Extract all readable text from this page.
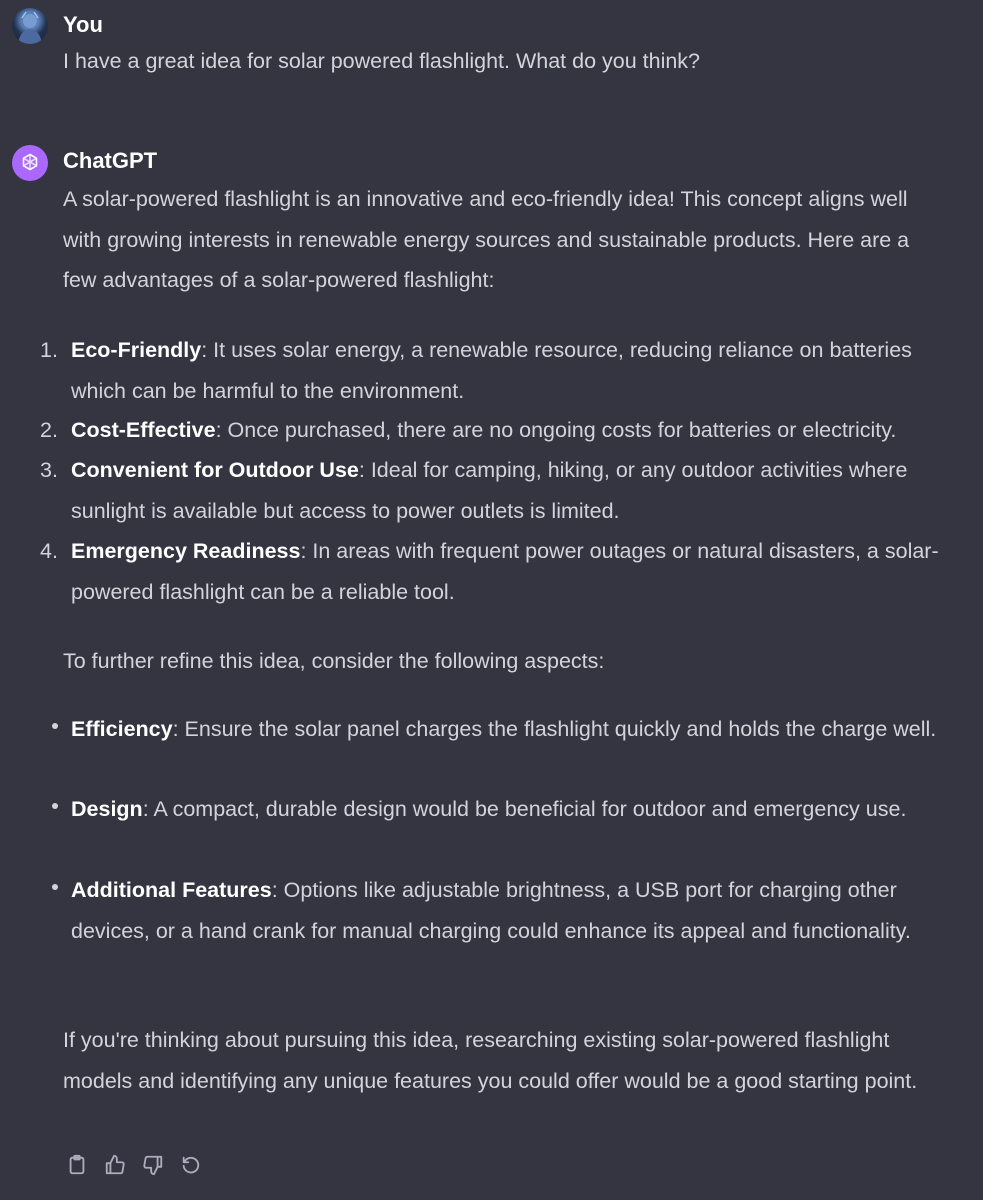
You
I have a great idea for solar powered flashlight. What do you think?
ChatGPT
A solar-powered flashlight is an innovative and eco-friendly idea! This concept aligns well with growing interests in renewable energy sources and sustainable products. Here are a few advantages of a solar-powered flashlight:
1. Eco-Friendly: It uses solar energy, a renewable resource, reducing reliance on batteries which can be harmful to the environment.
2. Cost-Effective: Once purchased, there are no ongoing costs for batteries or electricity.
3. Convenient for Outdoor Use: Ideal for camping, hiking, or any outdoor activities where sunlight is available but access to power outlets is limited.
4. Emergency Readiness: In areas with frequent power outages or natural disasters, a solar-powered flashlight can be a reliable tool.
To further refine this idea, consider the following aspects:
Efficiency: Ensure the solar panel charges the flashlight quickly and holds the charge well.
Design: A compact, durable design would be beneficial for outdoor and emergency use.
Additional Features: Options like adjustable brightness, a USB port for charging other devices, or a hand crank for manual charging could enhance its appeal and functionality.
If you're thinking about pursuing this idea, researching existing solar-powered flashlight models and identifying any unique features you could offer would be a good starting point.
